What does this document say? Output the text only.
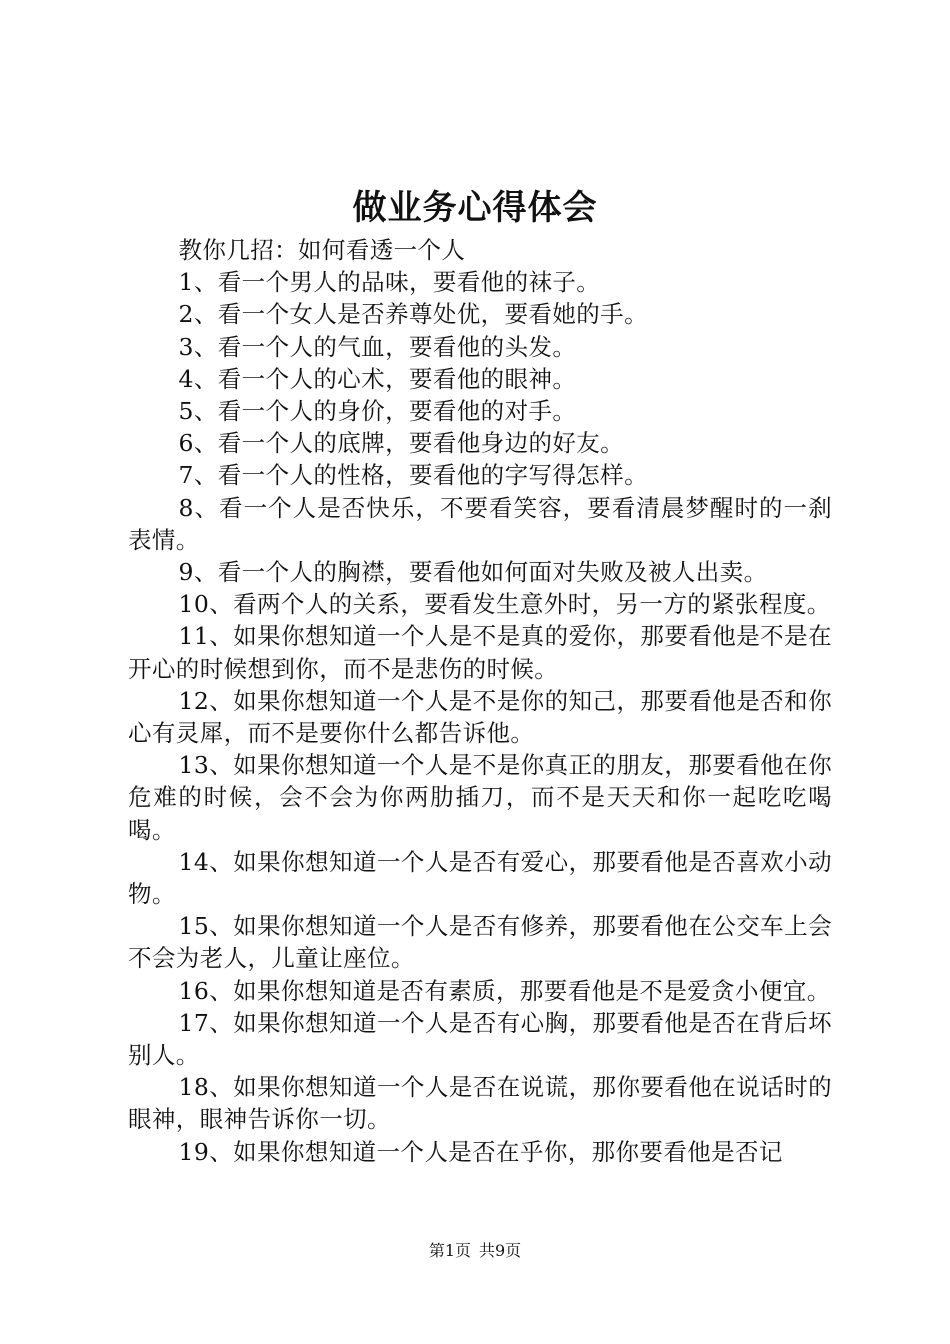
做业务心得体会

教你几招：如何看透一个人

1、看一个男人的品味，要看他的袜子。

2、看一个女人是否养尊处优，要看她的手。

3、看一个人的气血，要看他的头发。

4、看一个人的心术，要看他的眼神。

5、看一个人的身价，要看他的对手。

6、看一个人的底牌，要看他身边的好友。

7、看一个人的性格，要看他的字写得怎样。

8、看一个人是否快乐，不要看笑容，要看清晨梦醒时的一刹表情。

9、看一个人的胸襟，要看他如何面对失败及被人出卖。

10、看两个人的关系，要看发生意外时，另一方的紧张程度。

11、如果你想知道一个人是不是真的爱你，那要看他是不是在开心的时候想到你，而不是悲伤的时候。

12、如果你想知道一个人是不是你的知己，那要看他是否和你心有灵犀，而不是要你什么都告诉他。

13、如果你想知道一个人是不是你真正的朋友，那要看他在你危难的时候，会不会为你两肋插刀，而不是天天和你一起吃吃喝喝。

14、如果你想知道一个人是否有爱心，那要看他是否喜欢小动物。

15、如果你想知道一个人是否有修养，那要看他在公交车上会不会为老人，儿童让座位。

16、如果你想知道是否有素质，那要看他是不是爱贪小便宜。

17、如果你想知道一个人是否有心胸，那要看他是否在背后坏别人。

18、如果你想知道一个人是否在说谎，那你要看他在说话时的眼神，眼神告诉你一切。

19、如果你想知道一个人是否在乎你，那你要看他是否记

第1页 共9页
